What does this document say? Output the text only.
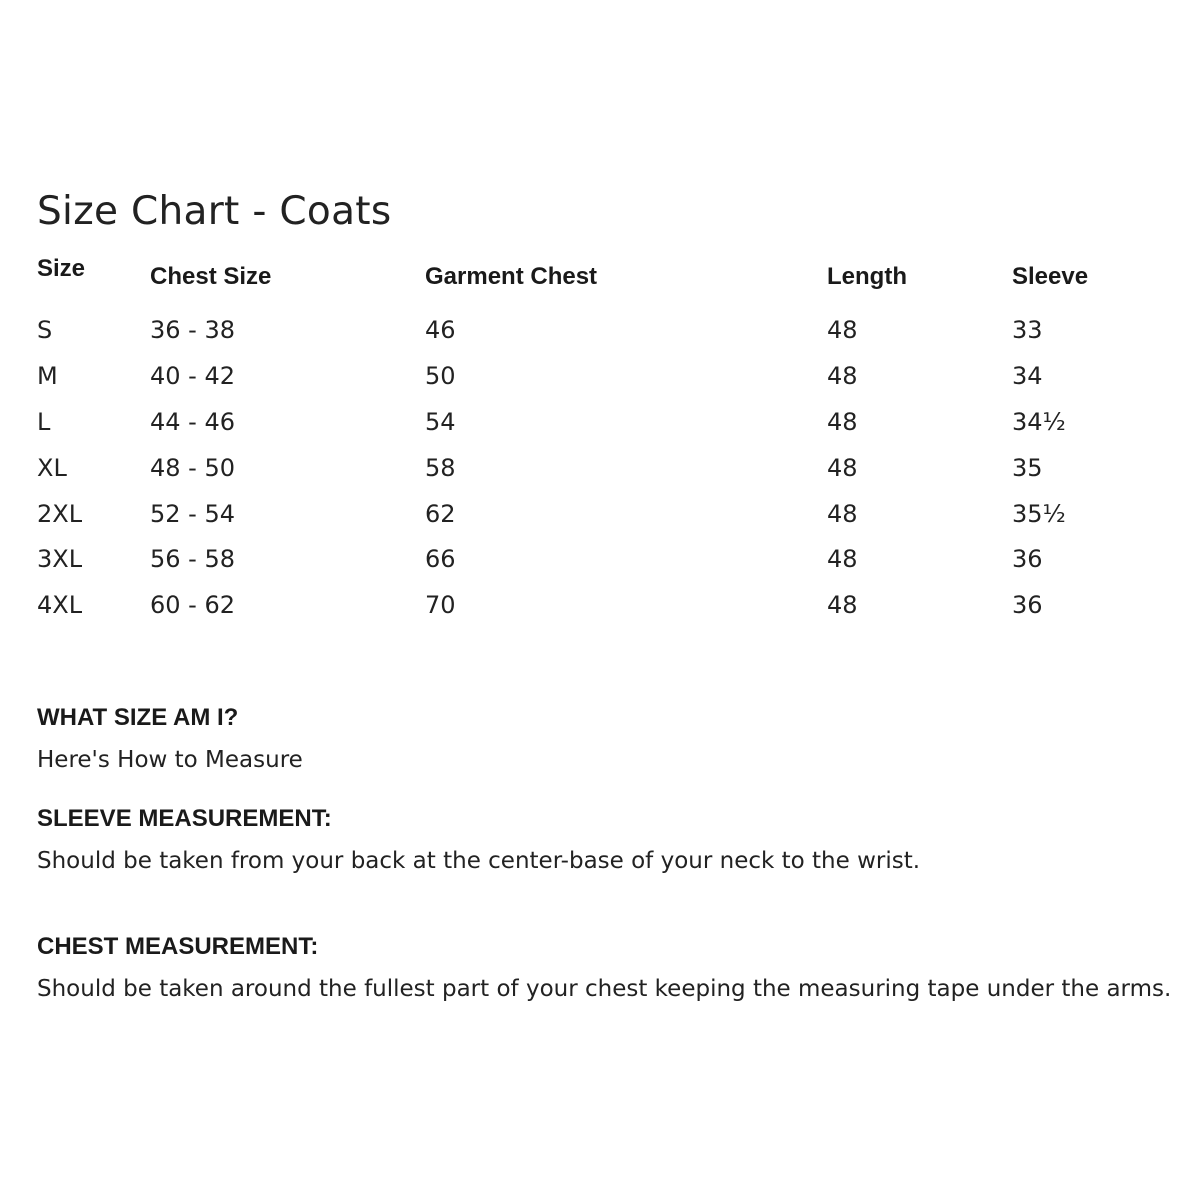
Size Chart - Coats
Size	Chest Size	Garment Chest	Length	Sleeve
S	36 - 38	46	48	33
M	40 - 42	50	48	34
L	44 - 46	54	48	34½
XL	48 - 50	58	48	35
2XL	52 - 54	62	48	35½
3XL	56 - 58	66	48	36
4XL	60 - 62	70	48	36
WHAT SIZE AM I?

Here's How to Measure

SLEEVE MEASUREMENT:

Should be taken from your back at the center-base of your neck to the wrist.

CHEST MEASUREMENT:

Should be taken around the fullest part of your chest keeping the measuring tape under the arms.
